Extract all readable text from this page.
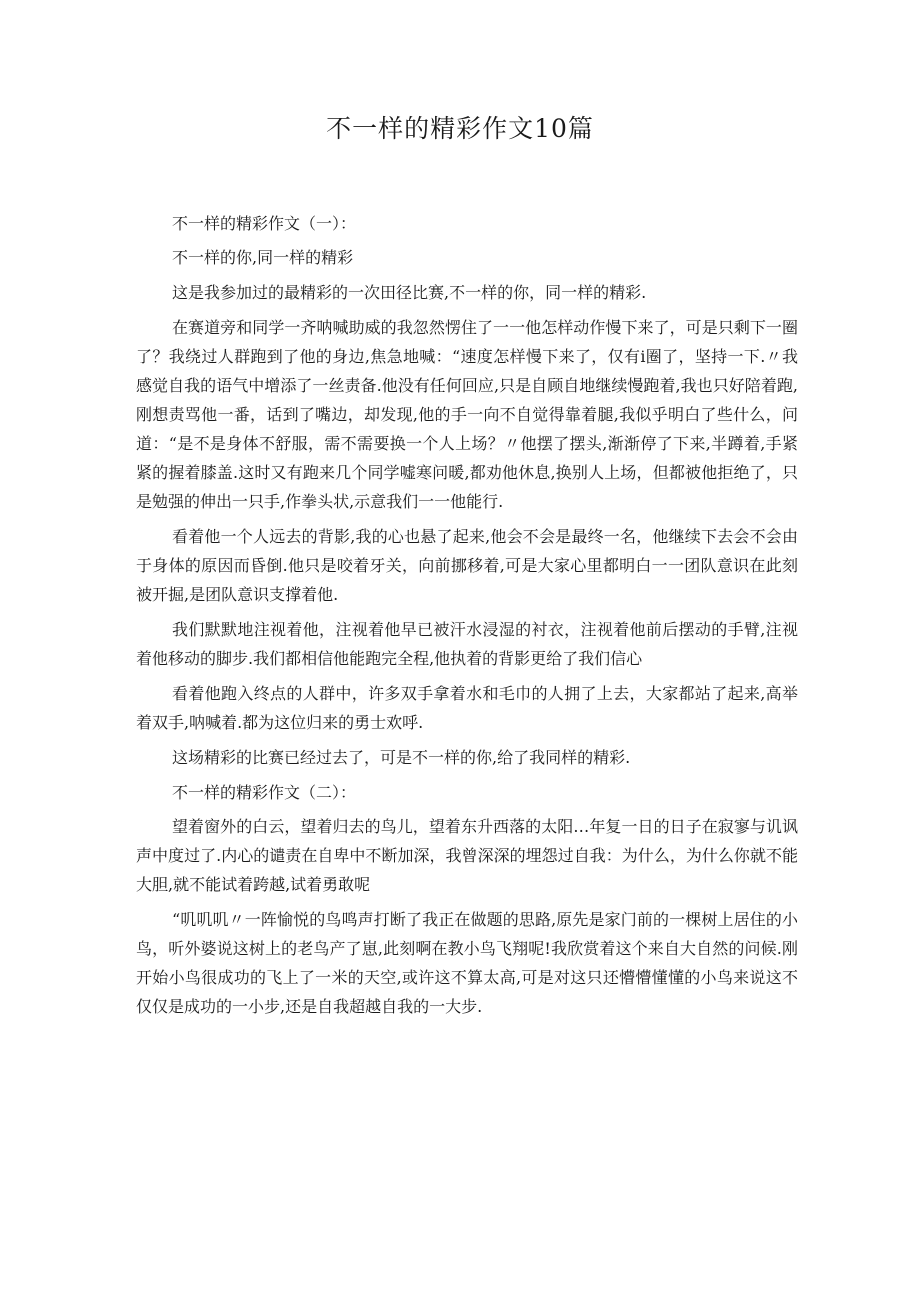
不一样的精彩作文10篇

不一样的精彩作文（一）：

不一样的你,同一样的精彩

这是我参加过的最精彩的一次田径比赛,不一样的你，同一样的精彩.

在赛道旁和同学一齐呐喊助威的我忽然愣住了一一他怎样动作慢下来了，可是只剩下一圈了？我绕过人群跑到了他的身边,焦急地喊：“速度怎样慢下来了，仅有i圈了，坚持一下.〃我感觉自我的语气中增添了一丝责备.他没有任何回应,只是自顾自地继续慢跑着,我也只好陪着跑,刚想责骂他一番，话到了嘴边，却发现,他的手一向不自觉得靠着腿,我似乎明白了些什么，问道：“是不是身体不舒服，需不需要换一个人上场？〃他摆了摆头,渐渐停了下来,半蹲着,手紧紧的握着膝盖.这时又有跑来几个同学嘘寒问暖,都劝他休息,换别人上场，但都被他拒绝了，只是勉强的伸出一只手,作拳头状,示意我们一一他能行.

看着他一个人远去的背影,我的心也悬了起来,他会不会是最终一名，他继续下去会不会由于身体的原因而昏倒.他只是咬着牙关，向前挪移着,可是大家心里都明白一一团队意识在此刻被开掘,是团队意识支撑着他.

我们默默地注视着他，注视着他早已被汗水浸湿的衬衣，注视着他前后摆动的手臂,注视着他移动的脚步.我们都相信他能跑完全程,他执着的背影更给了我们信心

看着他跑入终点的人群中，许多双手拿着水和毛巾的人拥了上去，大家都站了起来,高举着双手,呐喊着.都为这位归来的勇士欢呼.

这场精彩的比赛已经过去了，可是不一样的你,给了我同样的精彩.

不一样的精彩作文（二）：

望着窗外的白云，望着归去的鸟儿，望着东升西落的太阳…年复一日的日子在寂寥与讥讽声中度过了.内心的谴责在自卑中不断加深，我曾深深的埋怨过自我：为什么，为什么你就不能大胆,就不能试着跨越,试着勇敢呢

“叽叽叽〃一阵愉悦的鸟鸣声打断了我正在做题的思路,原先是家门前的一棵树上居住的小鸟，听外婆说这树上的老鸟产了崽,此刻啊在教小鸟飞翔呢!我欣赏着这个来自大自然的问候.刚开始小鸟很成功的飞上了一米的天空,或许这不算太高,可是对这只还懵懵懂懂的小鸟来说这不仅仅是成功的一小步,还是自我超越自我的一大步.
